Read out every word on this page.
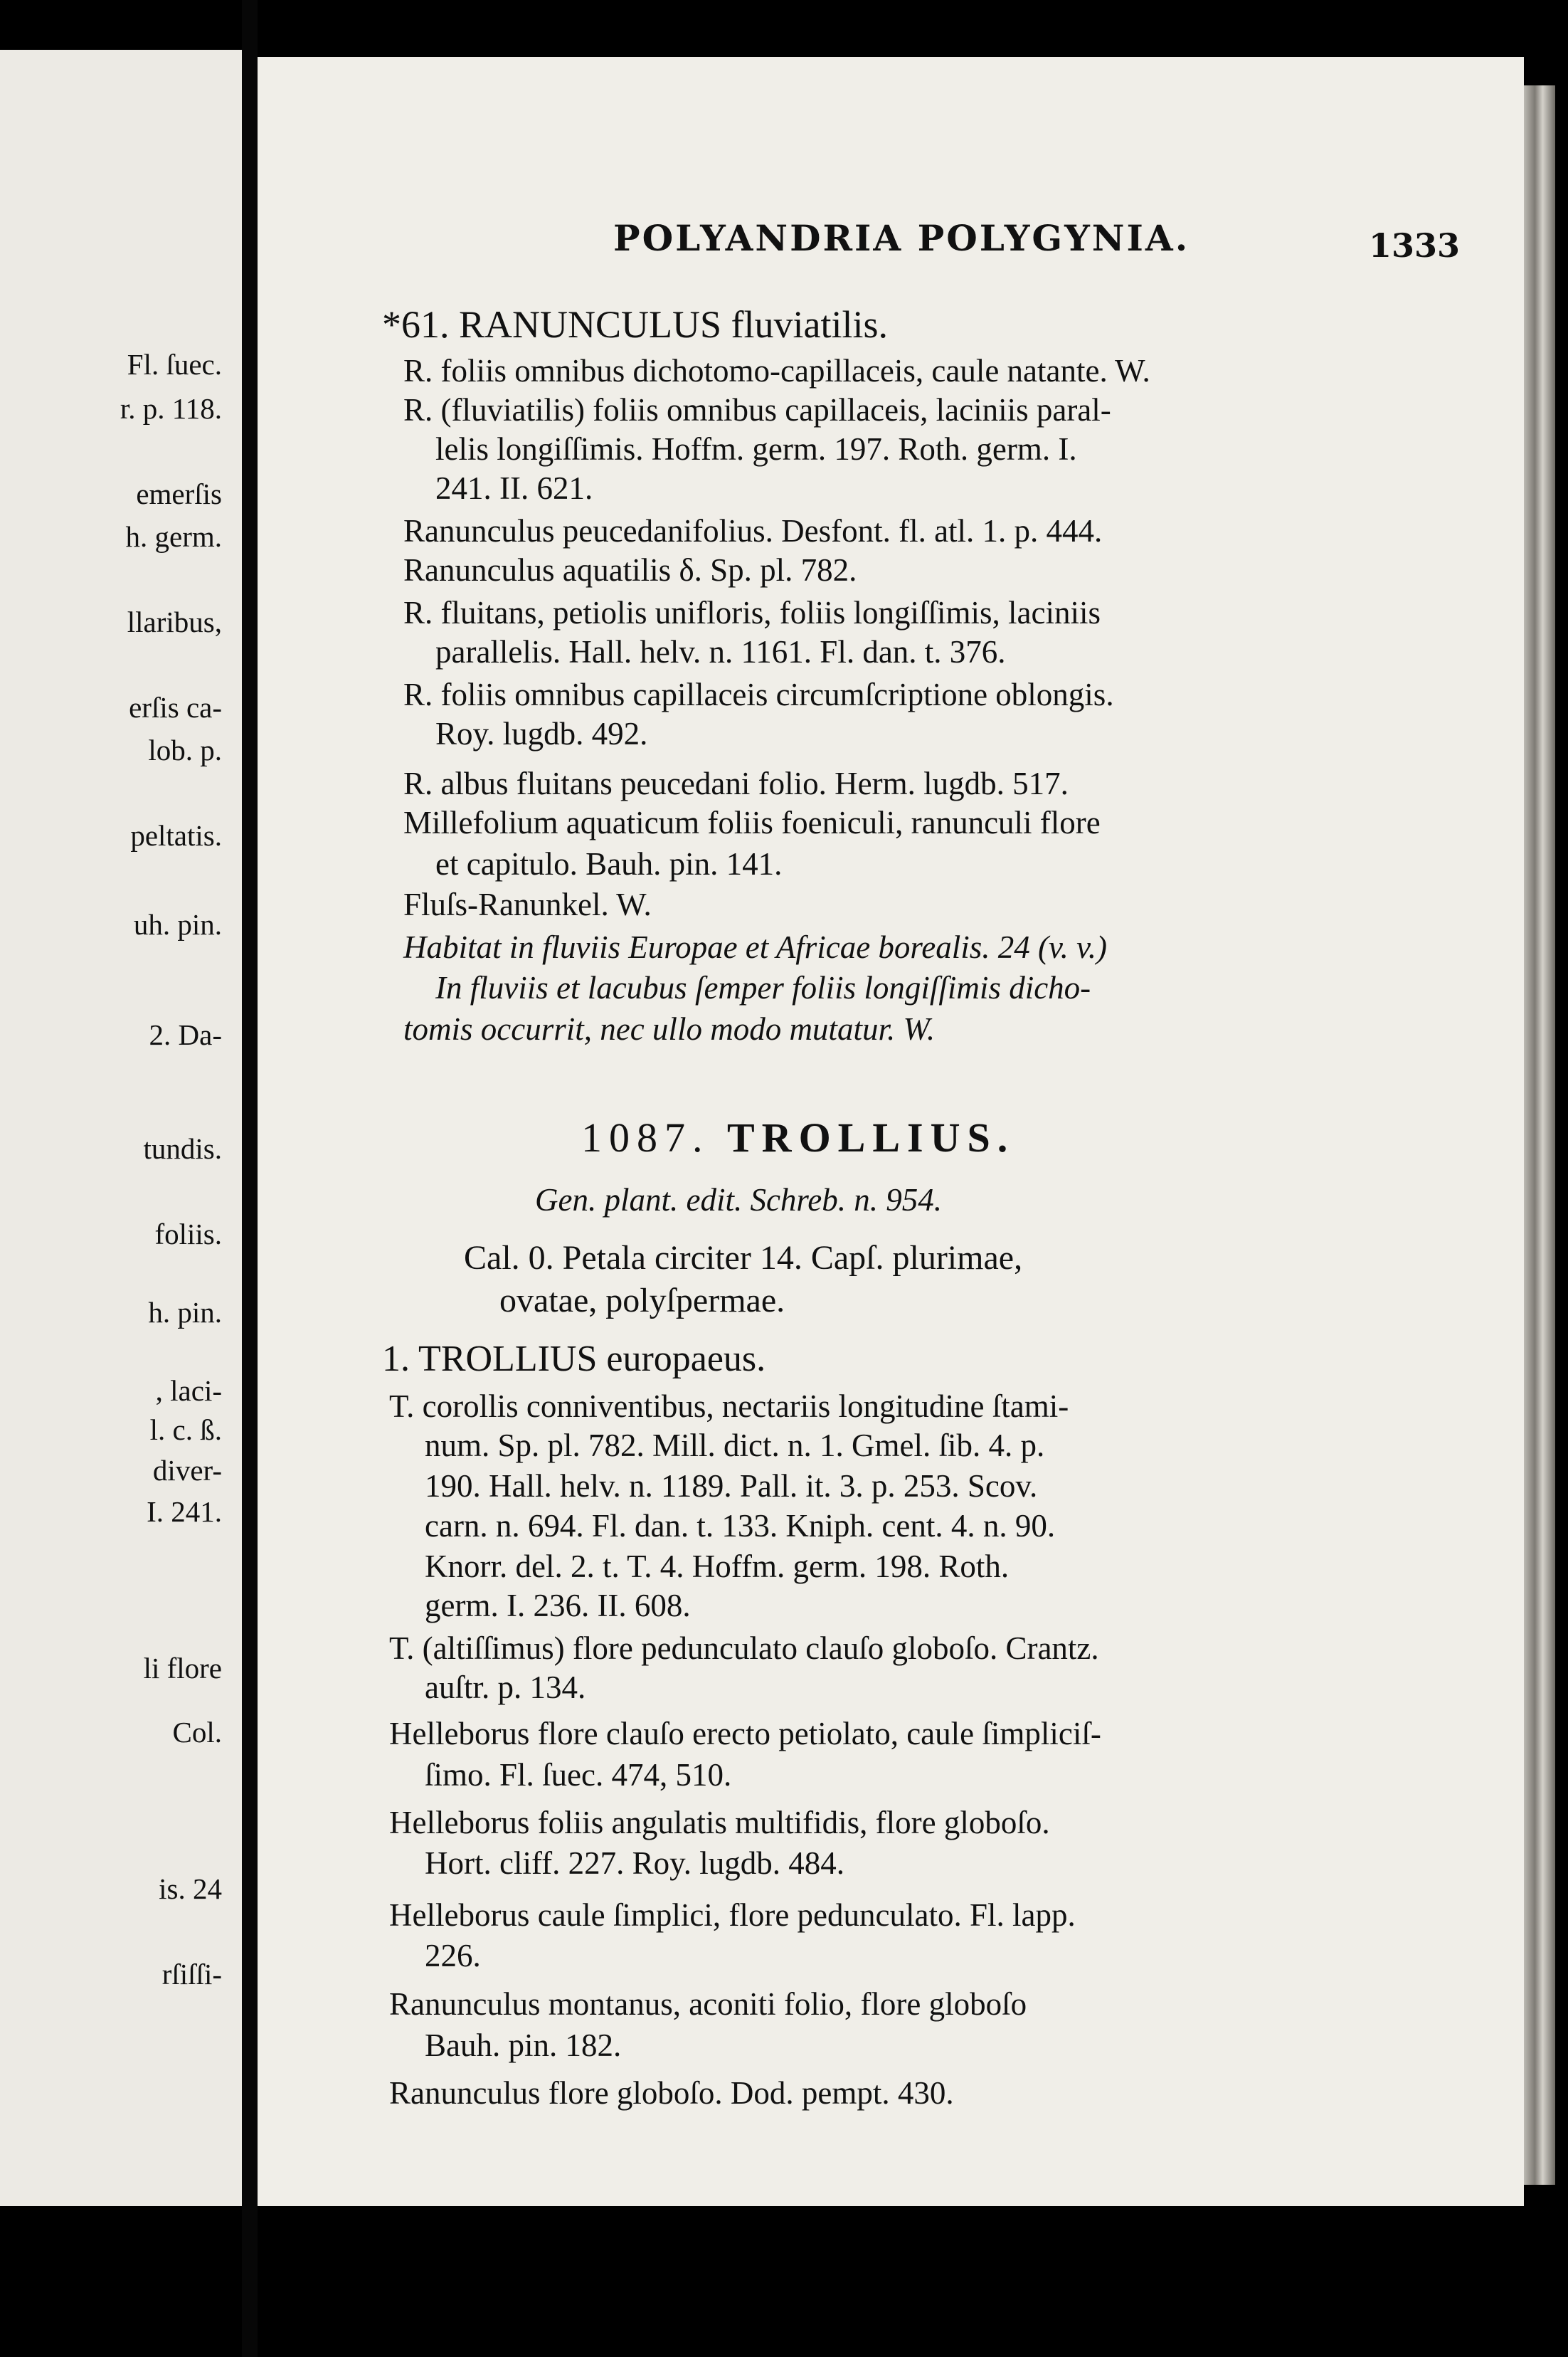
Fl. ſuec.
r. p. 118.
emerſis
h. germ.
llaribus,
erſis ca-
lob. p.
peltatis.
uh. pin.
2. Da-
tundis.
foliis.
h. pin.
, laci-
l. c. ß.
diver-
I. 241.
li flore
Col.
is. 24
rſiſſi-
POLYANDRIA POLYGYNIA.	1333
*61. RANUNCULUS fluviatilis.
R. foliis omnibus dichotomo-capillaceis, caule natante. W.
R. (fluviatilis) foliis omnibus capillaceis, laciniis paral-
lelis longiſſimis. Hoffm. germ. 197. Roth. germ. I.
241. II. 621.
Ranunculus peucedanifolius. Desfont. fl. atl. 1. p. 444.
Ranunculus aquatilis δ. Sp. pl. 782.
R. fluitans, petiolis unifloris, foliis longiſſimis, laciniis
parallelis. Hall. helv. n. 1161. Fl. dan. t. 376.
R. foliis omnibus capillaceis circumſcriptione oblongis.
Roy. lugdb. 492.
R. albus fluitans peucedani folio. Herm. lugdb. 517.
Millefolium aquaticum foliis foeniculi, ranunculi flore
et capitulo. Bauh. pin. 141.
Fluſs-Ranunkel. W.
Habitat in fluviis Europae et Africae borealis. 24 (v. v.)
In fluviis et lacubus ſemper foliis longiſſimis dicho-
tomis occurrit, nec ullo modo mutatur. W.
1087. TROLLIUS.
Gen. plant. edit. Schreb. n. 954.
Cal. 0. Petala circiter 14. Capſ. plurimae,
ovatae, polyſpermae.
1. TROLLIUS europaeus.
T. corollis conniventibus, nectariis longitudine ſtami-
num. Sp. pl. 782. Mill. dict. n. 1. Gmel. ſib. 4. p.
190. Hall. helv. n. 1189. Pall. it. 3. p. 253. Scov.
carn. n. 694. Fl. dan. t. 133. Kniph. cent. 4. n. 90.
Knorr. del. 2. t. T. 4. Hoffm. germ. 198. Roth.
germ. I. 236. II. 608.
T. (altiſſimus) flore pedunculato clauſo globoſo. Crantz.
auſtr. p. 134.
Helleborus flore clauſo erecto petiolato, caule ſimpliciſ-
ſimo. Fl. ſuec. 474, 510.
Helleborus foliis angulatis multifidis, flore globoſo.
Hort. cliff. 227. Roy. lugdb. 484.
Helleborus caule ſimplici, flore pedunculato. Fl. lapp.
226.
Ranunculus montanus, aconiti folio, flore globoſo
Bauh. pin. 182.
Ranunculus flore globoſo. Dod. pempt. 430.
